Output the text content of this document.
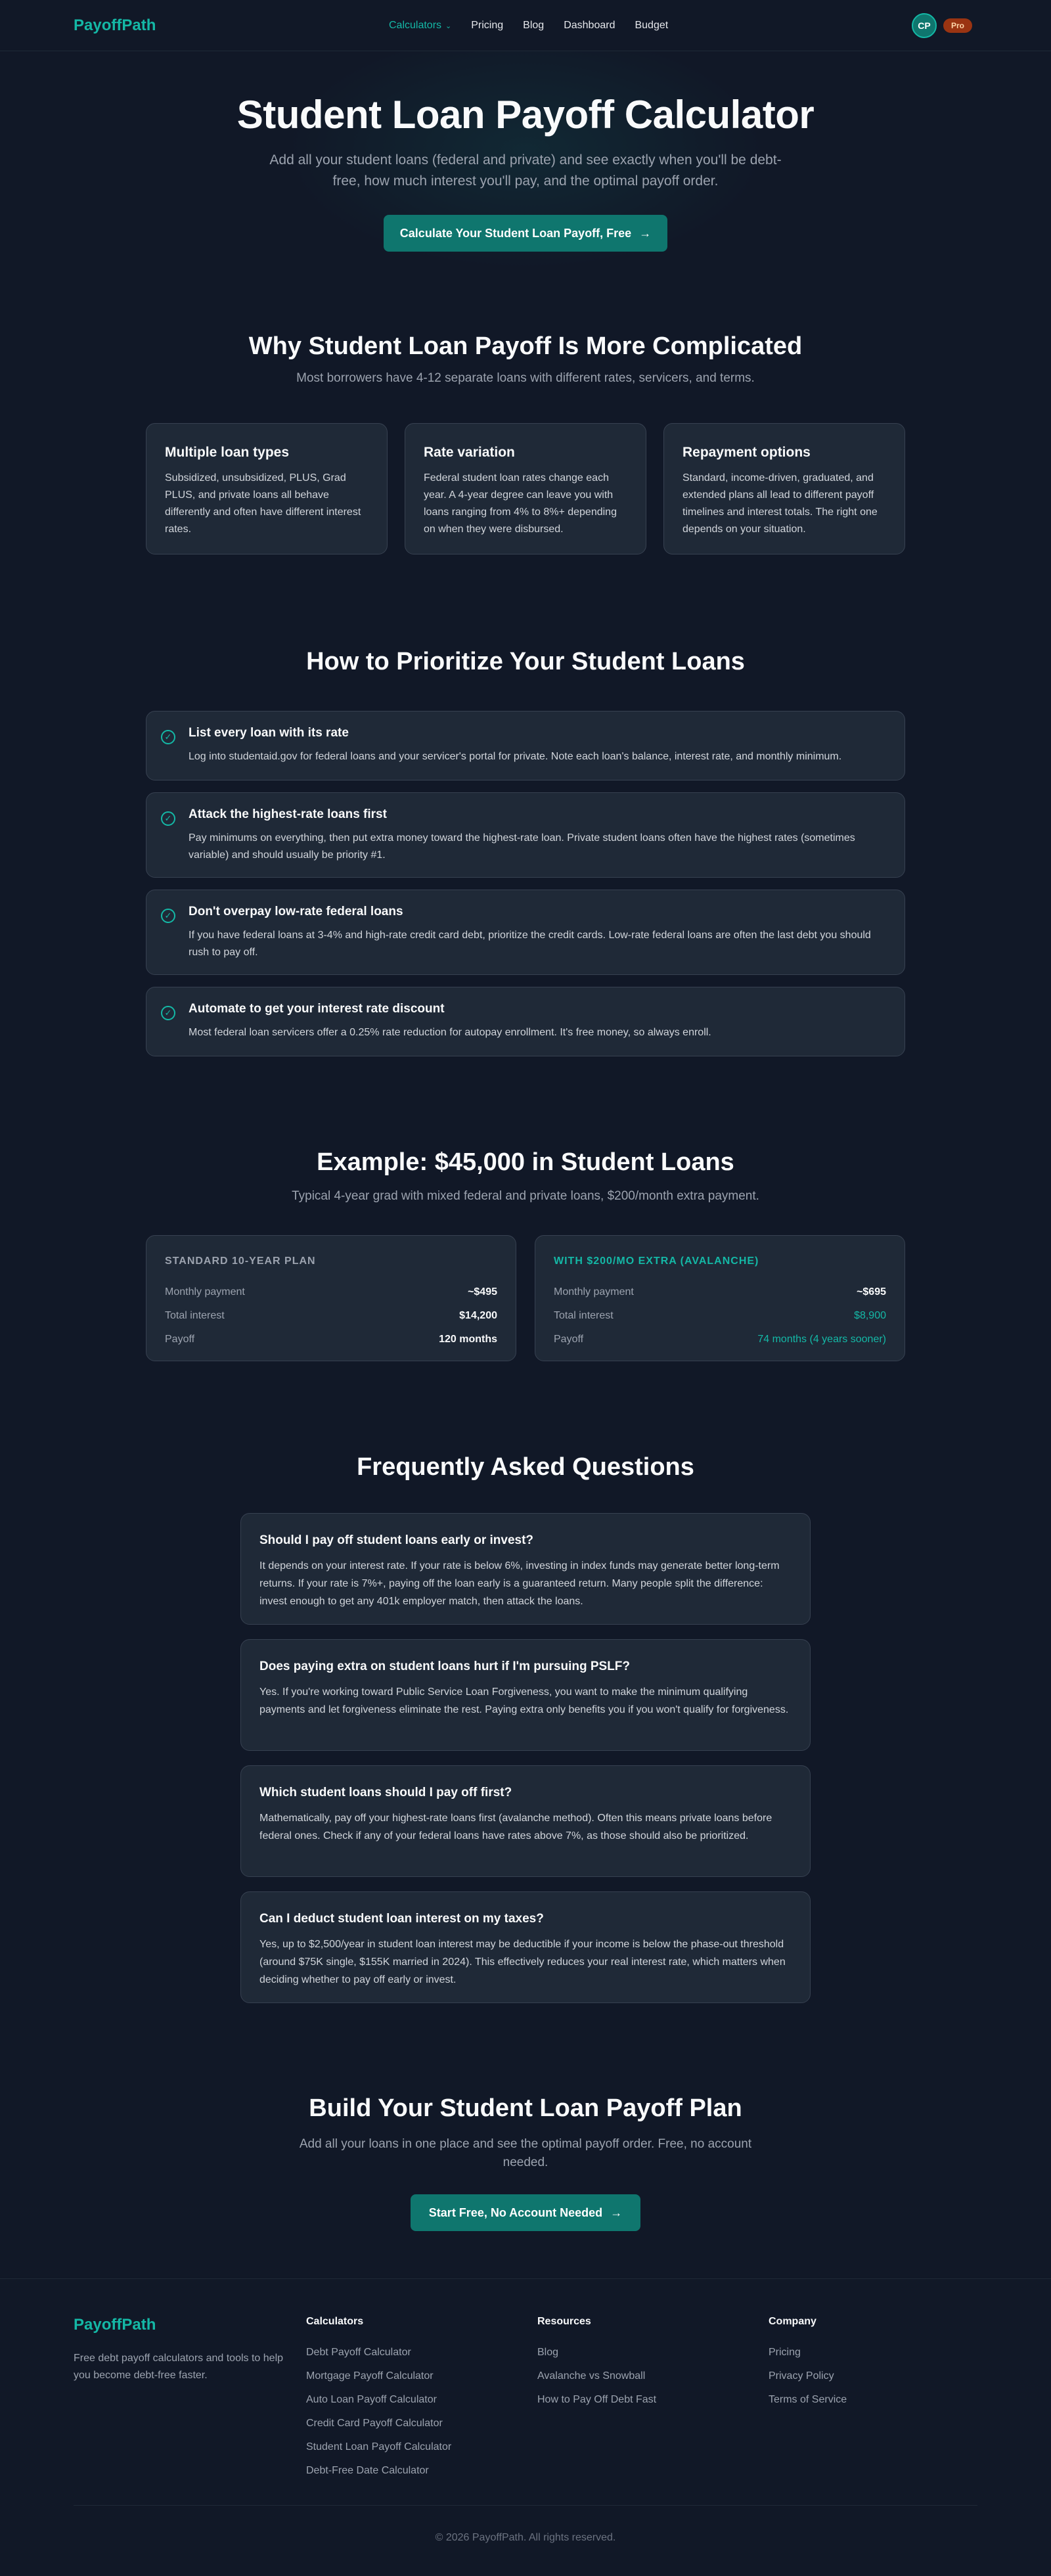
PayoffPath	Calculators ⌄ Pricing Blog Dashboard Budget	CP	Pro
Student Loan Payoff Calculator

Add all your student loans (federal and private) and see exactly when you'll be debt-free, how much interest you'll pay, and the optimal payoff order.

Calculate Your Student Loan Payoff, Free →
Why Student Loan Payoff Is More Complicated

Most borrowers have 4-12 separate loans with different rates, servicers, and terms.

Multiple loan types

Subsidized, unsubsidized, PLUS, Grad PLUS, and private loans all behave differently and often have different interest rates.

Rate variation

Federal student loan rates change each year. A 4-year degree can leave you with loans ranging from 4% to 8%+ depending on when they were disbursed.

Repayment options

Standard, income-driven, graduated, and extended plans all lead to different payoff timelines and interest totals. The right one depends on your situation.

How to Prioritize Your Student Loans
✓ List every loan with its rate

Log into studentaid.gov for federal loans and your servicer's portal for private. Note each loan's balance, interest rate, and monthly minimum.

✓ Attack the highest-rate loans first

Pay minimums on everything, then put extra money toward the highest-rate loan. Private student loans often have the highest rates (sometimes variable) and should usually be priority #1.

✓ Don't overpay low-rate federal loans

If you have federal loans at 3-4% and high-rate credit card debt, prioritize the credit cards. Low-rate federal loans are often the last debt you should rush to pay off.

✓ Automate to get your interest rate discount

Most federal loan servicers offer a 0.25% rate reduction for autopay enrollment. It's free money, so always enroll.

Example: $45,000 in Student Loans

Typical 4-year grad with mixed federal and private loans, $200/month extra payment.

STANDARD 10-YEAR PLAN
Monthly payment	~$495
Total interest	$14,200
Payoff	120 months
WITH $200/MO EXTRA (AVALANCHE)
Monthly payment	~$695
Total interest	$8,900
Payoff	74 months (4 years sooner)
Frequently Asked Questions
Should I pay off student loans early or invest?

It depends on your interest rate. If your rate is below 6%, investing in index funds may generate better long-term returns. If your rate is 7%+, paying off the loan early is a guaranteed return. Many people split the difference: invest enough to get any 401k employer match, then attack the loans.

Does paying extra on student loans hurt if I'm pursuing PSLF?

Yes. If you're working toward Public Service Loan Forgiveness, you want to make the minimum qualifying payments and let forgiveness eliminate the rest. Paying extra only benefits you if you won't qualify for forgiveness.

Which student loans should I pay off first?

Mathematically, pay off your highest-rate loans first (avalanche method). Often this means private loans before federal ones. Check if any of your federal loans have rates above 7%, as those should also be prioritized.

Can I deduct student loan interest on my taxes?

Yes, up to $2,500/year in student loan interest may be deductible if your income is below the phase-out threshold (around $75K single, $155K married in 2024). This effectively reduces your real interest rate, which matters when deciding whether to pay off early or invest.

Build Your Student Loan Payoff Plan

Add all your loans in one place and see the optimal payoff order. Free, no account needed.

Start Free, No Account Needed →
PayoffPath

Free debt payoff calculators and tools to help you become debt-free faster.

Calculators
Debt Payoff Calculator
Mortgage Payoff Calculator
Auto Loan Payoff Calculator
Credit Card Payoff Calculator
Student Loan Payoff Calculator
Debt-Free Date Calculator
Resources
Blog
Avalanche vs Snowball
How to Pay Off Debt Fast
Company
Pricing
Privacy Policy
Terms of Service
© 2026 PayoffPath. All rights reserved.
